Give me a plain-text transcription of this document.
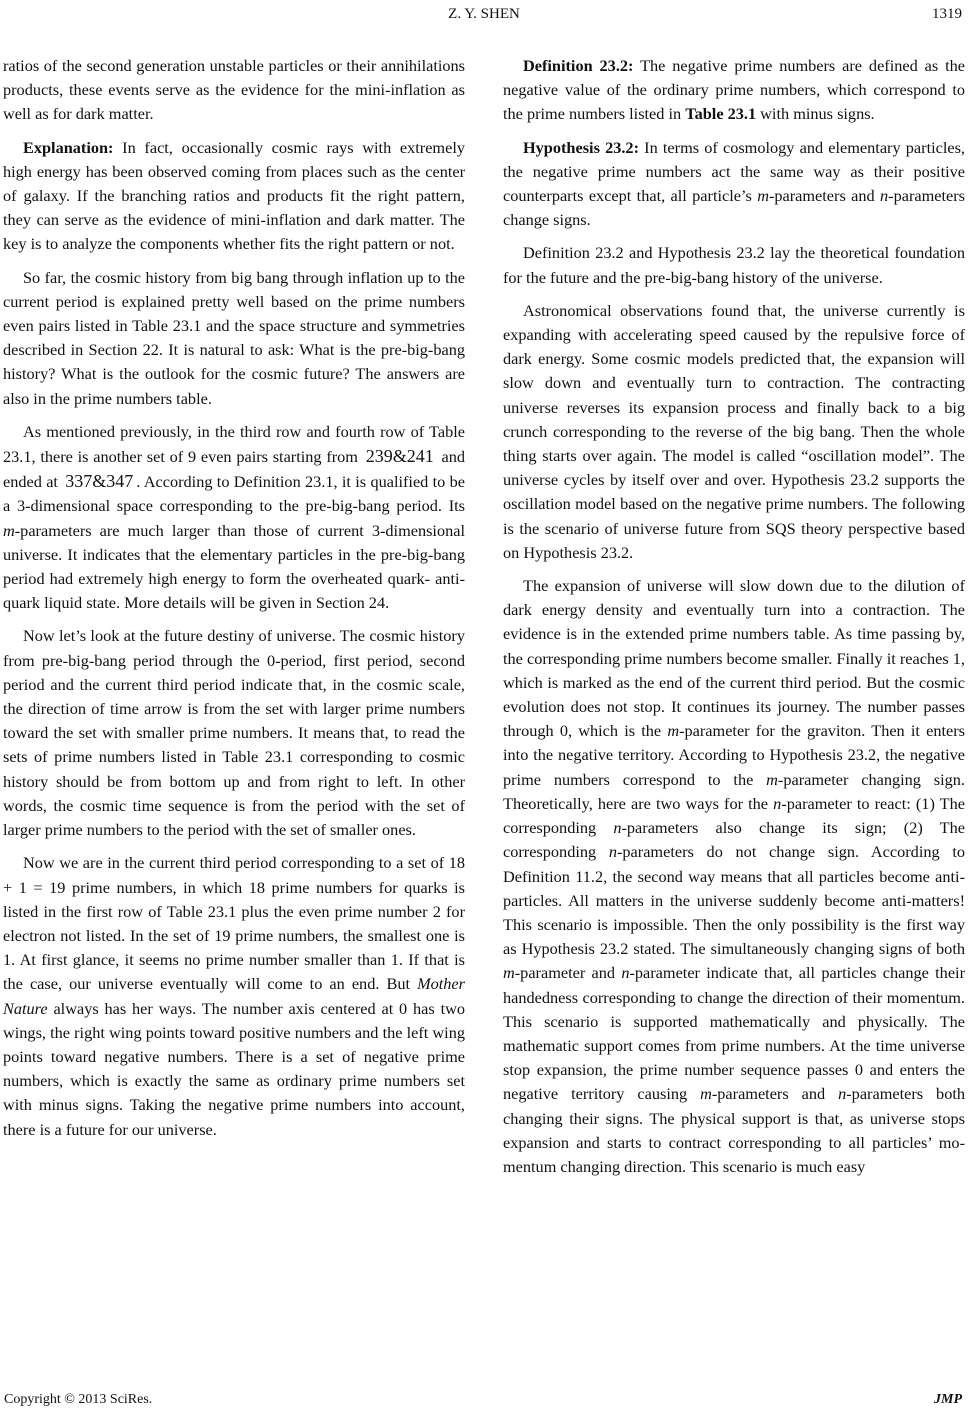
Z. Y. SHEN	1319

ratios of the second generation unstable particles or their annihilations products, these events serve as the evidence for the mini-inflation as well as for dark matter.

Explanation: In fact, occasionally cosmic rays with extremely high energy has been observed coming from places such as the center of galaxy. If the branching ratios and products fit the right pattern, they can serve as the evidence of mini-inflation and dark matter. The key is to analyze the components whether fits the right pattern or not.

So far, the cosmic history from big bang through inflation up to the current period is explained pretty well based on the prime numbers even pairs listed in Table 23.1 and the space structure and symmetries described in Section 22. It is natural to ask: What is the pre-big-bang history? What is the outlook for the cosmic future? The answers are also in the prime numbers table.

As mentioned previously, in the third row and fourth row of Table 23.1, there is another set of 9 even pairs starting from 239&241 and ended at 337&347 . According to Definition 23.1, it is qualified to be a 3-dimensional space corresponding to the pre-big-bang period. Its m-parameters are much larger than those of current 3-dimensional universe. It indicates that the elementary particles in the pre-big-bang period had extremely high energy to form the overheated quark- anti-quark liquid state. More details will be given in Section 24.

Now let’s look at the future destiny of universe. The cosmic history from pre-big-bang period through the 0-period, first period, second period and the current third period indicate that, in the cosmic scale, the direction of time arrow is from the set with larger prime numbers toward the set with smaller prime numbers. It means that, to read the sets of prime numbers listed in Table 23.1 corresponding to cosmic history should be from bottom up and from right to left. In other words, the cosmic time sequence is from the period with the set of larger prime numbers to the period with the set of smaller ones.

Now we are in the current third period corresponding to a set of 18 + 1 = 19 prime numbers, in which 18 prime numbers for quarks is listed in the first row of Table 23.1 plus the even prime number 2 for electron not listed. In the set of 19 prime numbers, the smallest one is 1. At first glance, it seems no prime number smaller than 1. If that is the case, our universe eventually will come to an end. But Mother Nature always has her ways. The number axis centered at 0 has two wings, the right wing points toward positive numbers and the left wing points toward negative numbers. There is a set of negative prime numbers, which is exactly the same as ordinary prime numbers set with minus signs. Taking the negative prime numbers into account, there is a future for our universe.

Definition 23.2: The negative prime numbers are defined as the negative value of the ordinary prime numbers, which correspond to the prime numbers listed in Table 23.1 with minus signs.

Hypothesis 23.2: In terms of cosmology and elementary particles, the negative prime numbers act the same way as their positive counterparts except that, all particle’s m-parameters and n-parameters change signs.

Definition 23.2 and Hypothesis 23.2 lay the theoretical foundation for the future and the pre-big-bang history of the universe.

Astronomical observations found that, the universe currently is expanding with accelerating speed caused by the repulsive force of dark energy. Some cosmic models predicted that, the expansion will slow down and eventually turn to contraction. The contracting universe reverses its expansion process and finally back to a big crunch corresponding to the reverse of the big bang. Then the whole thing starts over again. The model is called “oscillation model”. The universe cycles by itself over and over. Hypothesis 23.2 supports the oscillation model based on the negative prime numbers. The following is the scenario of universe future from SQS theory perspective based on Hypothesis 23.2.

The expansion of universe will slow down due to the dilution of dark energy density and eventually turn into a contraction. The evidence is in the extended prime numbers table. As time passing by, the corresponding prime numbers become smaller. Finally it reaches 1, which is marked as the end of the current third period. But the cosmic evolution does not stop. It continues its journey. The number passes through 0, which is the m-parameter for the graviton. Then it enters into the negative territory. According to Hypothesis 23.2, the negative prime numbers correspond to the m-parameter changing sign. Theoretically, here are two ways for the n-parameter to react: (1) The corresponding n-parameters also change its sign; (2) The corresponding n-parameters do not change sign. According to Definition 11.2, the second way means that all particles become anti-particles. All matters in the universe suddenly become anti-matters! This scenario is impossible. Then the only possibility is the first way as Hypothesis 23.2 stated. The simultaneously changing signs of both m-parameter and n-parameter indicate that, all particles change their handedness corresponding to change the direction of their momentum. This scenario is supported mathematically and physically. The mathematic support comes from prime numbers. At the time universe stop expansion, the prime number sequence passes 0 and enters the negative territory causing m-parameters and n-parameters both changing their signs. The physical support is that, as universe stops expansion and starts to contract corresponding to all particles’ momentum changing direction. This scenario is much easy

Copyright © 2013 SciRes.	JMP
